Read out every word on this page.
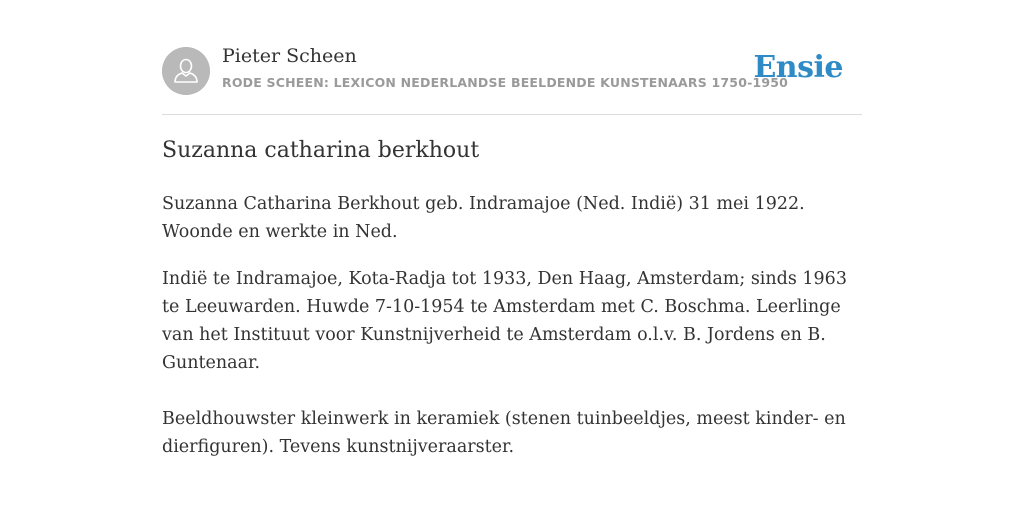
Pieter Scheen
RODE SCHEEN: LEXICON NEDERLANDSE BEELDENDE KUNSTENAARS 1750-1950
Ensie
Suzanna catharina berkhout

Suzanna Catharina Berkhout geb. Indramajoe (Ned. Indië) 31 mei 1922. Woonde en werkte in Ned.

Indië te Indramajoe, Kota-Radja tot 1933, Den Haag, Amsterdam; sinds 1963 te Leeuwarden. Huwde 7-10-1954 te Amsterdam met C. Boschma. Leerlinge van het Instituut voor Kunstnijverheid te Amsterdam o.l.v. B. Jordens en B. Guntenaar.

Beeldhouwster kleinwerk in keramiek (stenen tuinbeeldjes, meest kinder- en dierfiguren). Tevens kunstnijveraarster.
